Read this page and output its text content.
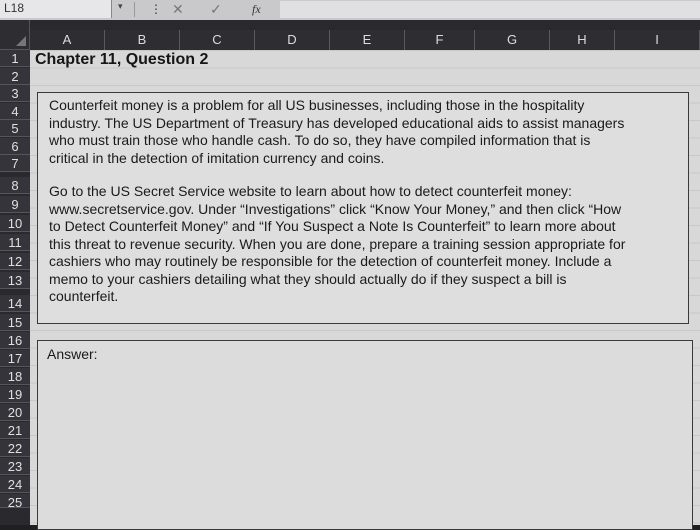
L18	▾ ⋮ ✕ ✓	fx
A	B	C	D	E	F	G	H	I
1
2
3
4
5
6
7
8
9
10
11
12
13
14
15
16
17
18
19
20
21
22
23
24
25
Chapter 11, Question 2
Counterfeit money is a problem for all US businesses, including those in the hospitality
industry. The US Department of Treasury has developed educational aids to assist managers
who must train those who handle cash. To do so, they have compiled information that is
critical in the detection of imitation currency and coins.
Go to the US Secret Service website to learn about how to detect counterfeit money:
www.secretservice.gov. Under “Investigations” click “Know Your Money,” and then click “How
to Detect Counterfeit Money” and “If You Suspect a Note Is Counterfeit” to learn more about
this threat to revenue security. When you are done, prepare a training session appropriate for
cashiers who may routinely be responsible for the detection of counterfeit money. Include a
memo to your cashiers detailing what they should actually do if they suspect a bill is
counterfeit.
Answer:
